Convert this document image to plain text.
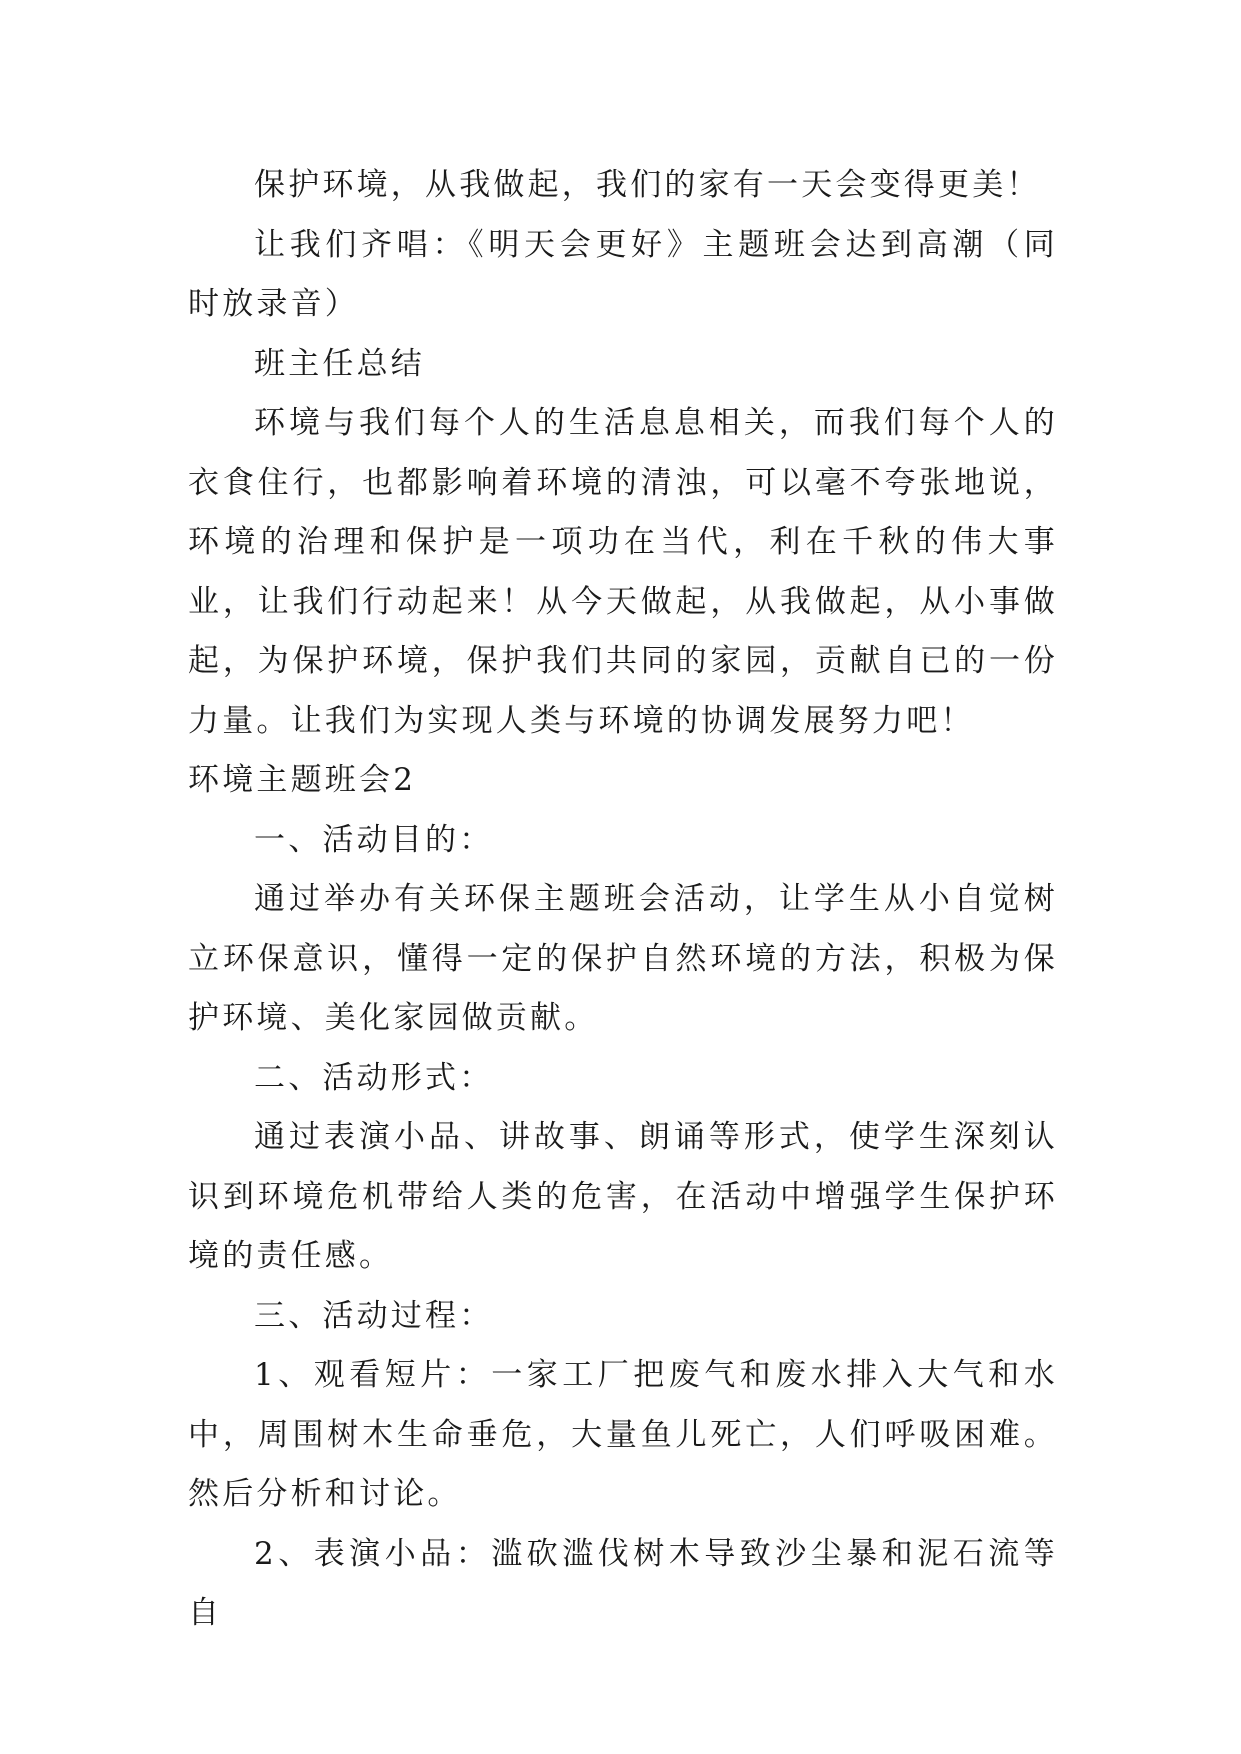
保护环境，从我做起，我们的家有一天会变得更美！

让我们齐唱：《明天会更好》主题班会达到高潮（同时放录音）

班主任总结

环境与我们每个人的生活息息相关，而我们每个人的衣食住行，也都影响着环境的清浊，可以毫不夸张地说，环境的治理和保护是一项功在当代，利在千秋的伟大事业，让我们行动起来！从今天做起，从我做起，从小事做起，为保护环境，保护我们共同的家园，贡献自已的一份力量。让我们为实现人类与环境的协调发展努力吧！

环境主题班会2

一、活动目的：

通过举办有关环保主题班会活动，让学生从小自觉树立环保意识，懂得一定的保护自然环境的方法，积极为保护环境、美化家园做贡献。

二、活动形式：

通过表演小品、讲故事、朗诵等形式，使学生深刻认识到环境危机带给人类的危害，在活动中增强学生保护环境的责任感。

三、活动过程：

1、观看短片：一家工厂把废气和废水排入大气和水中，周围树木生命垂危，大量鱼儿死亡，人们呼吸困难。然后分析和讨论。

2、表演小品：滥砍滥伐树木导致沙尘暴和泥石流等自
